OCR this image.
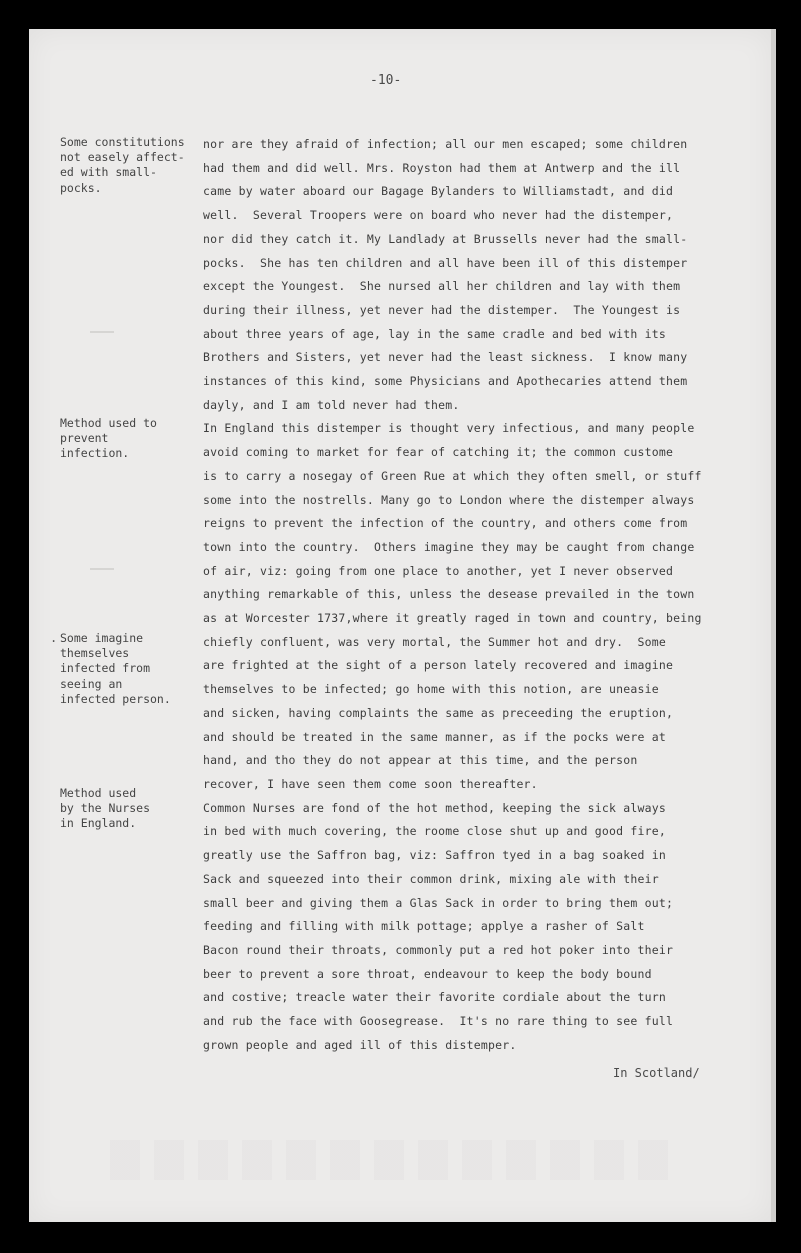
-10-
nor are they afraid of infection; all our men escaped; some children
had them and did well. Mrs. Royston had them at Antwerp and the ill
came by water aboard our Bagage Bylanders to Williamstadt, and did
well.  Several Troopers were on board who never had the distemper,
nor did they catch it. My Landlady at Brussells never had the small-
pocks.  She has ten children and all have been ill of this distemper
except the Youngest.  She nursed all her children and lay with them
during their illness, yet never had the distemper.  The Youngest is
about three years of age, lay in the same cradle and bed with its
Brothers and Sisters, yet never had the least sickness.  I know many
instances of this kind, some Physicians and Apothecaries attend them
dayly, and I am told never had them.
In England this distemper is thought very infectious, and many people
avoid coming to market for fear of catching it; the common custome
is to carry a nosegay of Green Rue at which they often smell, or stuff
some into the nostrells. Many go to London where the distemper always
reigns to prevent the infection of the country, and others come from
town into the country.  Others imagine they may be caught from change
of air, viz: going from one place to another, yet I never observed
anything remarkable of this, unless the desease prevailed in the town
as at Worcester 1737,where it greatly raged in town and country, being
chiefly confluent, was very mortal, the Summer hot and dry.  Some
are frighted at the sight of a person lately recovered and imagine
themselves to be infected; go home with this notion, are uneasie
and sicken, having complaints the same as preceeding the eruption,
and should be treated in the same manner, as if the pocks were at
hand, and tho they do not appear at this time, and the person
recover, I have seen them come soon thereafter.
Common Nurses are fond of the hot method, keeping the sick always
in bed with much covering, the roome close shut up and good fire,
greatly use the Saffron bag, viz: Saffron tyed in a bag soaked in
Sack and squeezed into their common drink, mixing ale with their
small beer and giving them a Glas Sack in order to bring them out;
feeding and filling with milk pottage; applye a rasher of Salt
Bacon round their throats, commonly put a red hot poker into their
beer to prevent a sore throat, endeavour to keep the body bound
and costive; treacle water their favorite cordiale about the turn
and rub the face with Goosegrease.  It's no rare thing to see full
grown people and aged ill of this distemper.
Some constitutions
not easely affect-
ed with small-
pocks.
Method used to
prevent
infection.
. Some imagine
themselves
infected from
seeing an
infected person.
Method used
by the Nurses
in England.
In Scotland/
